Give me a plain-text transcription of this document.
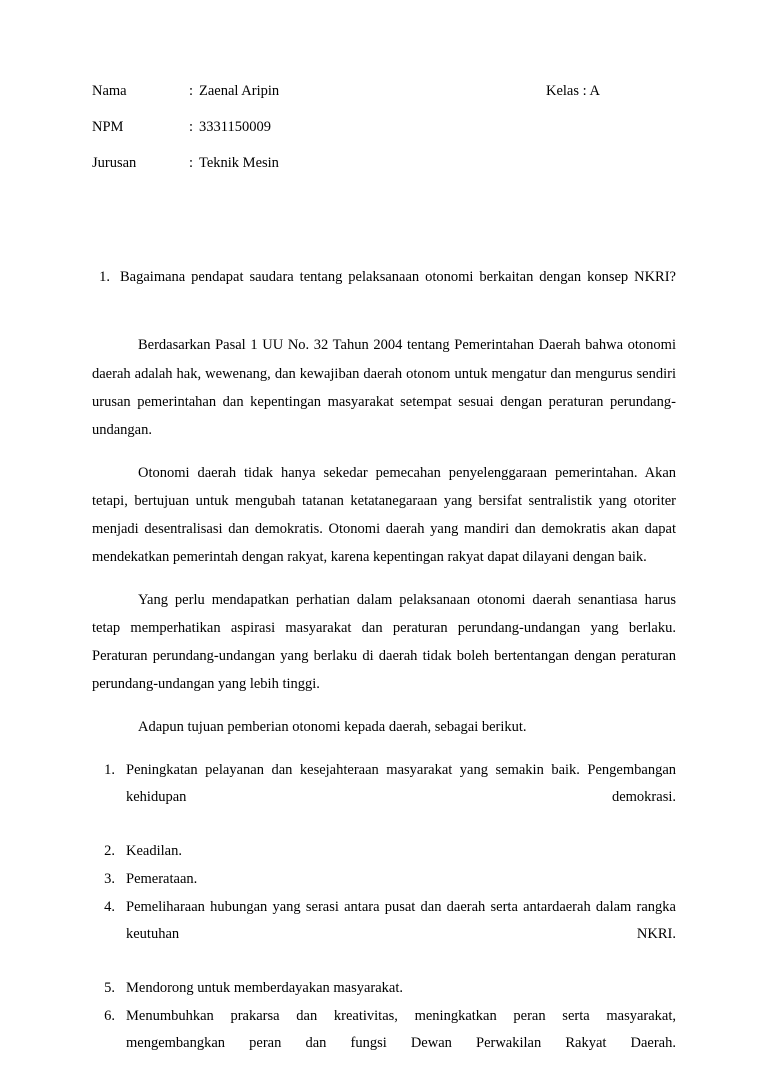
Nama	: Zaenal Aripin	Kelas : A
NPM	: 3331150009
Jurusan	: Teknik Mesin
1. Bagaimana pendapat saudara tentang pelaksanaan otonomi berkaitan dengan konsep NKRI?

Berdasarkan Pasal 1 UU No. 32 Tahun 2004 tentang Pemerintahan Daerah bahwa otonomi daerah adalah hak, wewenang, dan kewajiban daerah otonom untuk mengatur dan mengurus sendiri urusan pemerintahan dan kepentingan masyarakat setempat sesuai dengan peraturan perundang-undangan.

Otonomi daerah tidak hanya sekedar pemecahan penyelenggaraan pemerintahan. Akan tetapi, bertujuan untuk mengubah tatanan ketatanegaraan yang bersifat sentralistik yang otoriter menjadi desentralisasi dan demokratis. Otonomi daerah yang mandiri dan demokratis akan dapat mendekatkan pemerintah dengan rakyat, karena kepentingan rakyat dapat dilayani dengan baik.

Yang perlu mendapatkan perhatian dalam pelaksanaan otonomi daerah senantiasa harus tetap memperhatikan aspirasi masyarakat dan peraturan perundang-undangan yang berlaku. Peraturan perundang-undangan yang berlaku di daerah tidak boleh bertentangan dengan peraturan perundang-undangan yang lebih tinggi.

Adapun tujuan pemberian otonomi kepada daerah, sebagai berikut.

1. Peningkatan pelayanan dan kesejahteraan masyarakat yang semakin baik. Pengembangan kehidupan demokrasi.
2. Keadilan.
3. Pemerataan.
4. Pemeliharaan hubungan yang serasi antara pusat dan daerah serta antardaerah dalam rangka keutuhan NKRI.
5. Mendorong untuk memberdayakan masyarakat.
6. Menumbuhkan prakarsa dan kreativitas, meningkatkan peran serta masyarakat, mengembangkan peran dan fungsi Dewan Perwakilan Rakyat Daerah.
